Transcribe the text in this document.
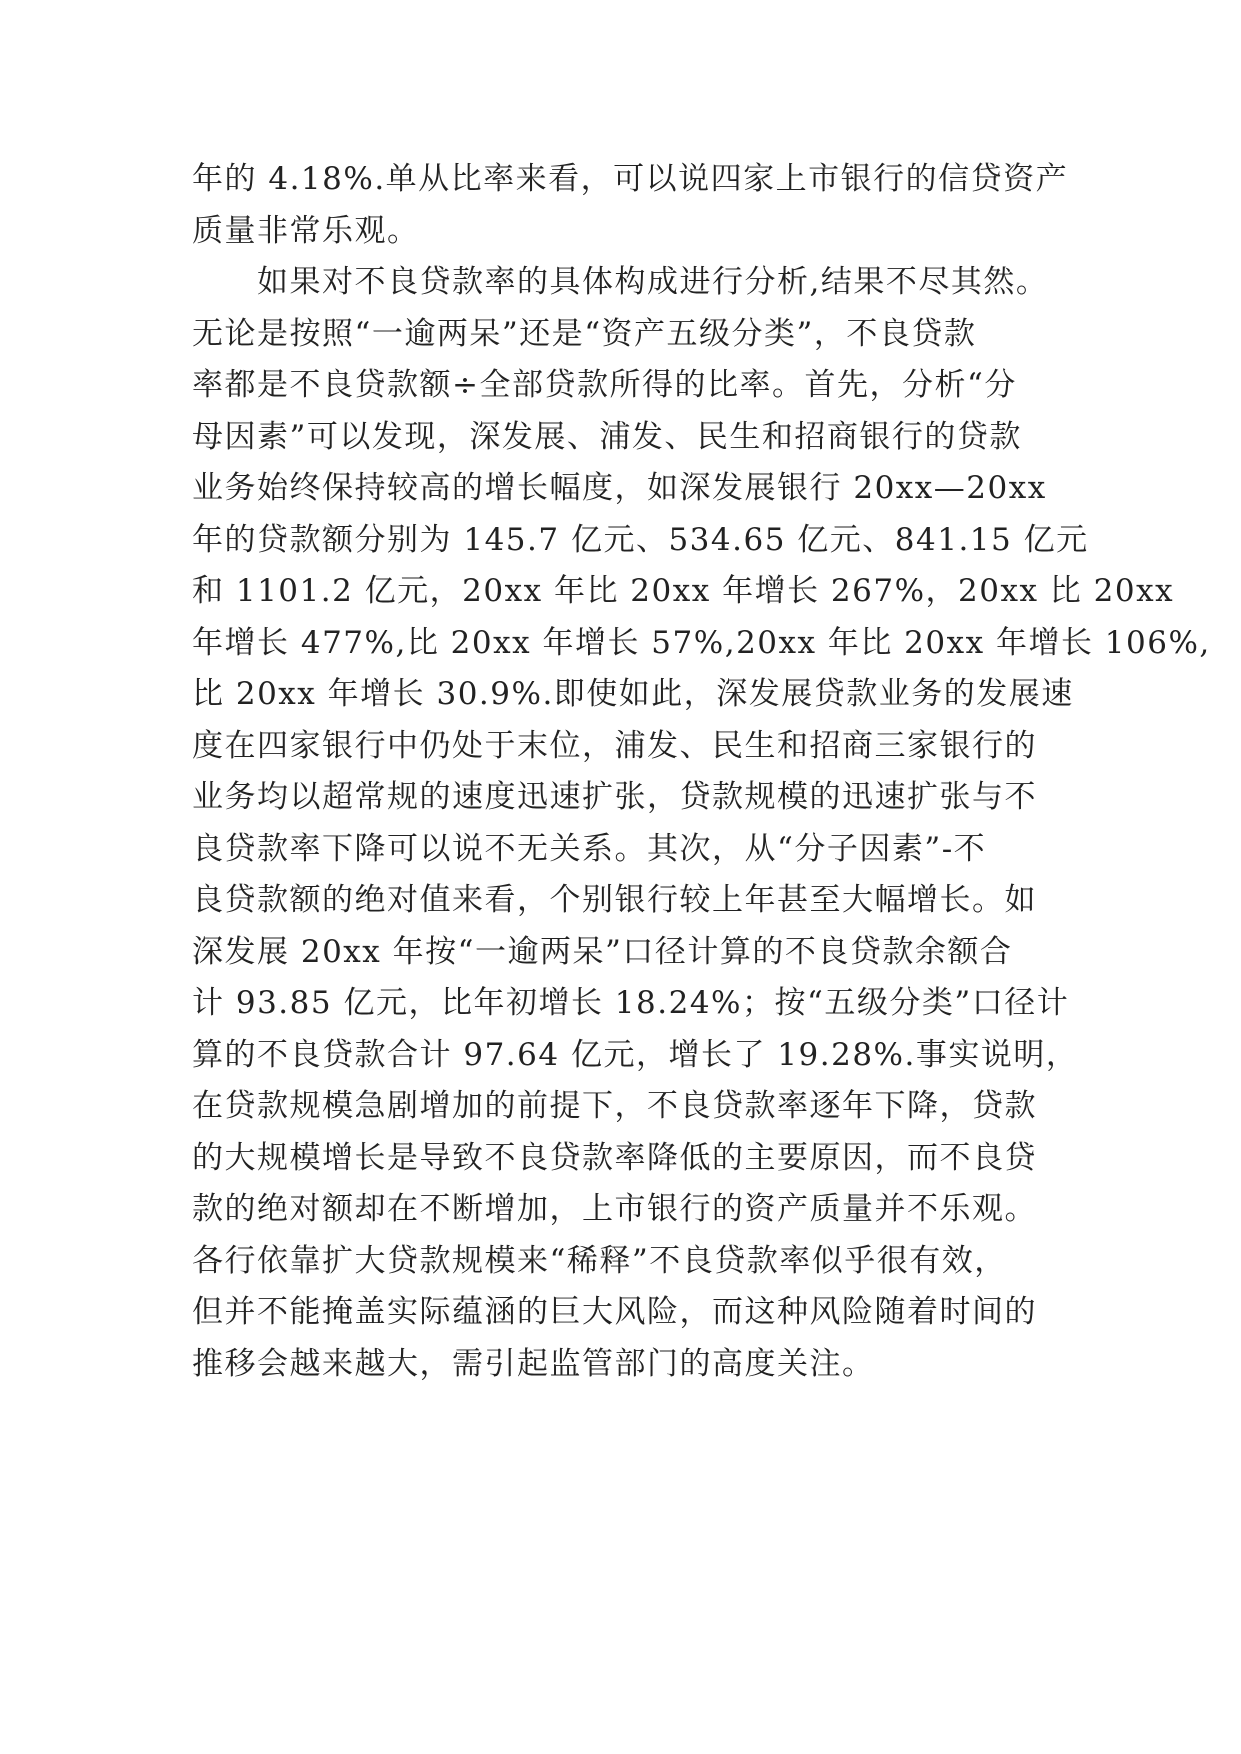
年的 4.18%.单从比率来看，可以说四家上市银行的信贷资产
质量非常乐观。
　　如果对不良贷款率的具体构成进行分析,结果不尽其然。
无论是按照“一逾两呆”还是“资产五级分类”，不良贷款
率都是不良贷款额÷全部贷款所得的比率。首先，分析“分
母因素”可以发现，深发展、浦发、民生和招商银行的贷款
业务始终保持较高的增长幅度，如深发展银行 20xx—20xx
年的贷款额分别为 145.7 亿元、534.65 亿元、841.15 亿元
和 1101.2 亿元，20xx 年比 20xx 年增长 267%，20xx 比 20xx
年增长 477%,比 20xx 年增长 57%,20xx 年比 20xx 年增长 106%,
比 20xx 年增长 30.9%.即使如此，深发展贷款业务的发展速
度在四家银行中仍处于末位，浦发、民生和招商三家银行的
业务均以超常规的速度迅速扩张，贷款规模的迅速扩张与不
良贷款率下降可以说不无关系。其次，从“分子因素”-不
良贷款额的绝对值来看，个别银行较上年甚至大幅增长。如
深发展 20xx 年按“一逾两呆”口径计算的不良贷款余额合
计 93.85 亿元，比年初增长 18.24%；按“五级分类”口径计
算的不良贷款合计 97.64 亿元，增长了 19.28%.事实说明，
在贷款规模急剧增加的前提下，不良贷款率逐年下降，贷款
的大规模增长是导致不良贷款率降低的主要原因，而不良贷
款的绝对额却在不断增加，上市银行的资产质量并不乐观。
各行依靠扩大贷款规模来“稀释”不良贷款率似乎很有效，
但并不能掩盖实际蕴涵的巨大风险，而这种风险随着时间的
推移会越来越大，需引起监管部门的高度关注。
